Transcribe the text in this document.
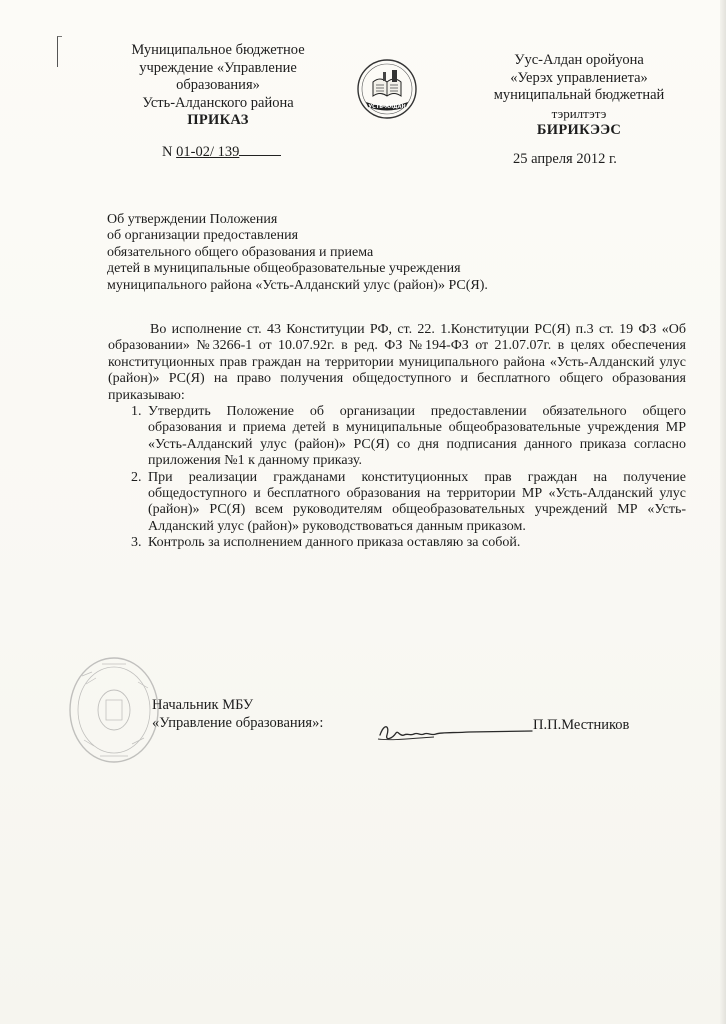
Муниципальное бюджетное
учреждение «Управление
образования»
Усть-Алданского района
ПРИКАЗ
УСТЬ-АЛДАН
Уус-Алдан оройуона
«Уерэх управлениета»
муниципальнай бюджетнай
тэрилтэтэ
БИРИКЭЭС
N 01-02/ 139	25 апреля 2012 г.
Об утверждении Положения
об организации предоставления
обязательного общего образования и приема
детей в муниципальные общеобразовательные учреждения
муниципального района «Усть-Алданский улус (район)» РС(Я).

Во исполнение ст. 43 Конституции РФ, ст. 22. 1.Конституции РС(Я) п.3 ст. 19 ФЗ «Об образовании» №3266-1 от 10.07.92г. в ред. ФЗ №194-ФЗ от 21.07.07г. в целях обеспечения конституционных прав граждан на территории муниципального района «Усть-Алданский улус (район)» РС(Я) на право получения общедоступного и бесплатного общего образования приказываю:

1. Утвердить Положение об организации предоставлении обязательного общего образования и приема детей в муниципальные общеобразовательные учреждения МР «Усть-Алданский улус (район)» РС(Я) со дня подписания данного приказа согласно приложения №1 к данному приказу.
2. При реализации гражданами конституционных прав граждан на получение общедоступного и бесплатного образования на территории МР «Усть-Алданский улус (район)» РС(Я) всем руководителям общеобразовательных учреждений МР «Усть-Алданский улус (район)» руководствоваться данным приказом.
3. Контроль за исполнением данного приказа оставляю за собой.
Начальник МБУ
«Управление образования»:	П.П.Местников
